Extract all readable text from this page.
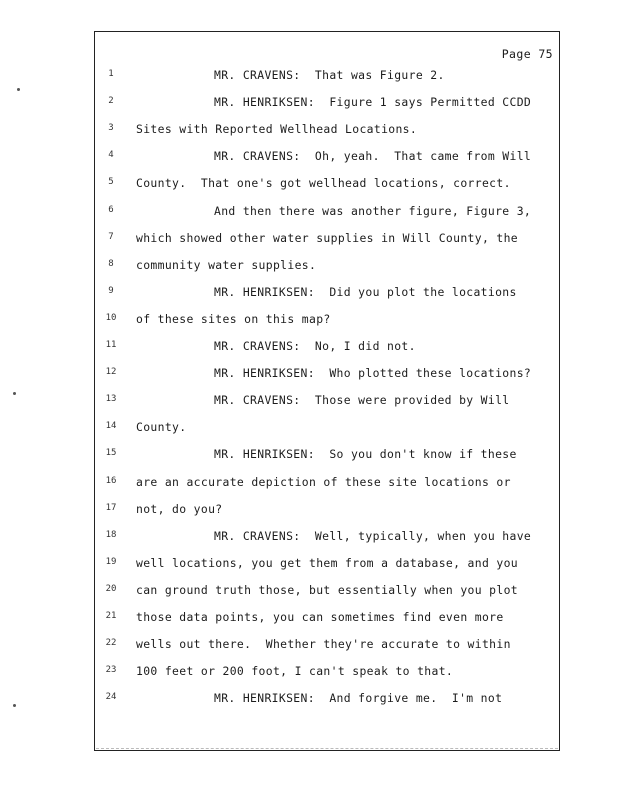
Page 75
1	MR. CRAVENS:  That was Figure 2.
2	MR. HENRIKSEN:  Figure 1 says Permitted CCDD
3	Sites with Reported Wellhead Locations.
4	MR. CRAVENS:  Oh, yeah.  That came from Will
5	County.  That one's got wellhead locations, correct.
6	And then there was another figure, Figure 3,
7	which showed other water supplies in Will County, the
8	community water supplies.
9	MR. HENRIKSEN:  Did you plot the locations
10 of these sites on this map?
11	MR. CRAVENS:  No, I did not.
12	MR. HENRIKSEN:  Who plotted these locations?
13	MR. CRAVENS:  Those were provided by Will
14 County.
15	MR. HENRIKSEN:  So you don't know if these
16 are an accurate depiction of these site locations or
17 not, do you?
18	MR. CRAVENS:  Well, typically, when you have
19 well locations, you get them from a database, and you
20 can ground truth those, but essentially when you plot
21 those data points, you can sometimes find even more
22 wells out there.  Whether they're accurate to within
23 100 feet or 200 foot, I can't speak to that.
24	MR. HENRIKSEN:  And forgive me.  I'm not
